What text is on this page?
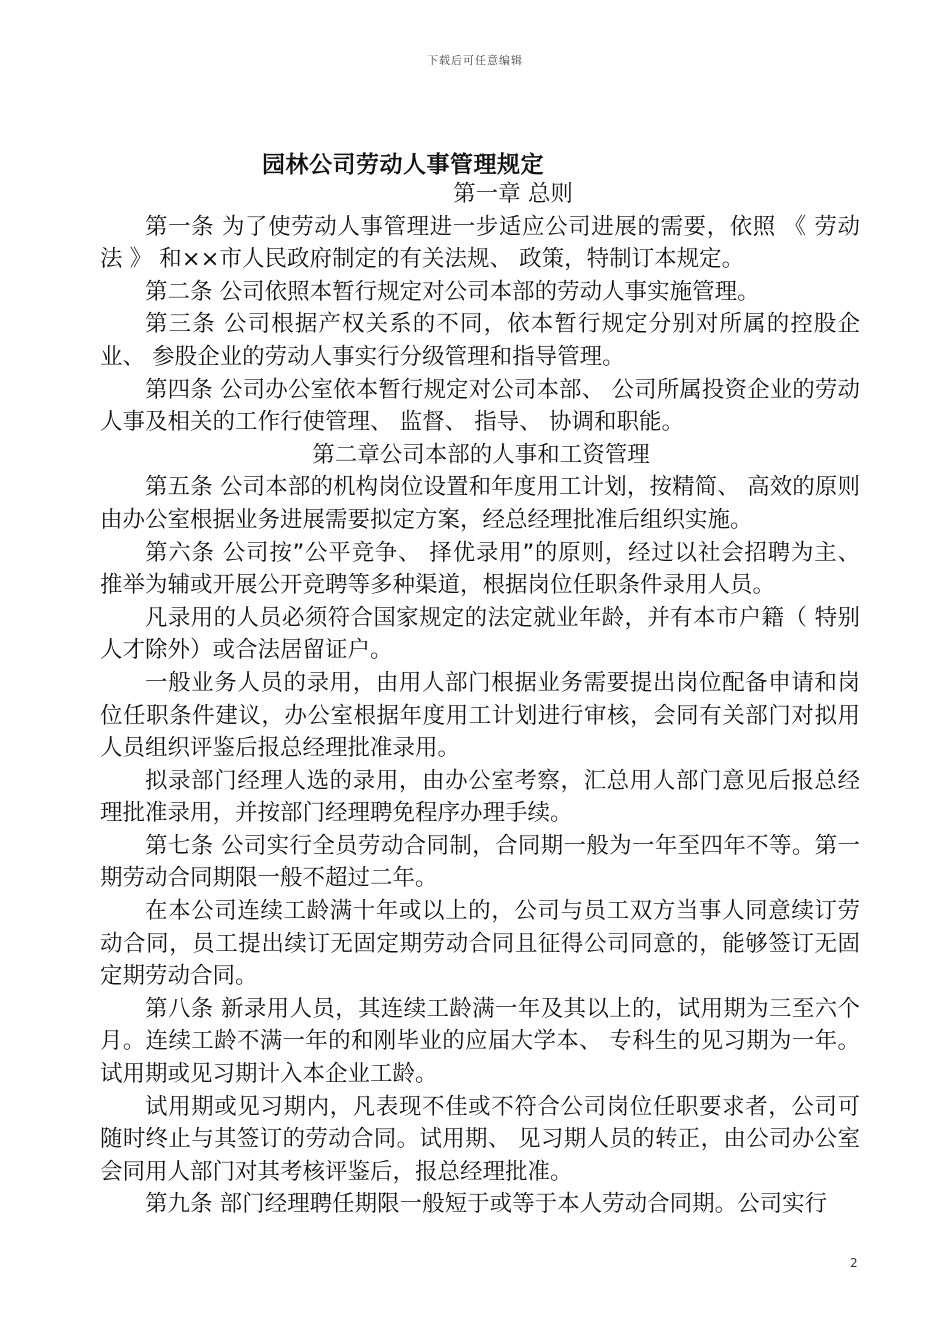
下载后可任意编辑
园林公司劳动人事管理规定
第一章 总则

第一条 为了使劳动人事管理进一步适应公司进展的需要，依照 《 劳动法 》 和××市人民政府制定的有关法规、 政策，特制订本规定。

第二条 公司依照本暂行规定对公司本部的劳动人事实施管理。

第三条 公司根据产权关系的不同，依本暂行规定分别对所属的控股企业、 参股企业的劳动人事实行分级管理和指导管理。

第四条 公司办公室依本暂行规定对公司本部、 公司所属投资企业的劳动人事及相关的工作行使管理、 监督、 指导、 协调和职能。

第二章公司本部的人事和工资管理

第五条 公司本部的机构岗位设置和年度用工计划，按精简、 高效的原则由办公室根据业务进展需要拟定方案，经总经理批准后组织实施。

第六条 公司按”公平竞争、 择优录用”的原则，经过以社会招聘为主、 推举为辅或开展公开竞聘等多种渠道，根据岗位任职条件录用人员。

凡录用的人员必须符合国家规定的法定就业年龄，并有本市户籍（ 特别人才除外）或合法居留证户。

一般业务人员的录用，由用人部门根据业务需要提出岗位配备申请和岗位任职条件建议，办公室根据年度用工计划进行审核，会同有关部门对拟用人员组织评鉴后报总经理批准录用。

拟录部门经理人选的录用，由办公室考察，汇总用人部门意见后报总经理批准录用，并按部门经理聘免程序办理手续。

第七条 公司实行全员劳动合同制，合同期一般为一年至四年不等。第一期劳动合同期限一般不超过二年。

在本公司连续工龄满十年或以上的，公司与员工双方当事人同意续订劳动合同，员工提出续订无固定期劳动合同且征得公司同意的，能够签订无固定期劳动合同。

第八条 新录用人员，其连续工龄满一年及其以上的，试用期为三至六个月。连续工龄不满一年的和刚毕业的应届大学本、 专科生的见习期为一年。试用期或见习期计入本企业工龄。

试用期或见习期内，凡表现不佳或不符合公司岗位任职要求者，公司可随时终止与其签订的劳动合同。试用期、 见习期人员的转正，由公司办公室会同用人部门对其考核评鉴后，报总经理批准。

第九条 部门经理聘任期限一般短于或等于本人劳动合同期。公司实行

2
